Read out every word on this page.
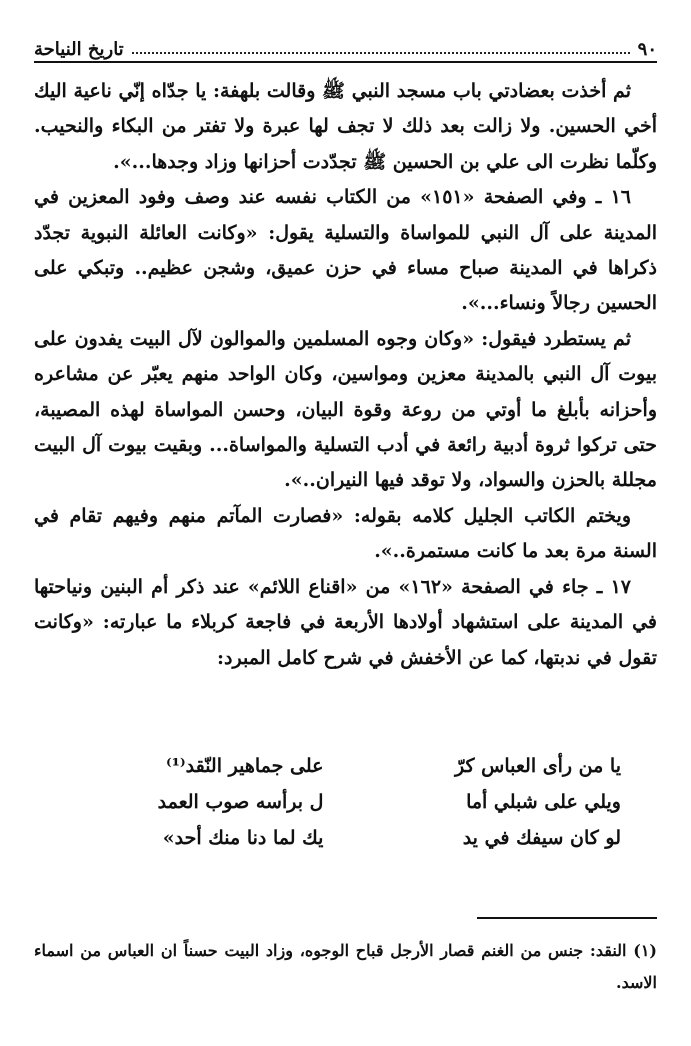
٩٠
تاريخ النياحة

ثم أخذت بعضادتي باب مسجد النبي ﷺ وقالت بلهفة: يا جدّاه إنّي ناعية اليك أخي الحسين. ولا زالت بعد ذلك لا تجف لها عبرة ولا تفتر من البكاء والنحيب. وكلّما نظرت الى علي بن الحسين ﷺ تجدّدت أحزانها وزاد وجدها...».

١٦ ـ وفي الصفحة «١٥١» من الكتاب نفسه عند وصف وفود المعزين في المدينة على آل النبي للمواساة والتسلية يقول: «وكانت العائلة النبوية تجدّد ذكراها في المدينة صباح مساء في حزن عميق، وشجن عظيم.. وتبكي على الحسين رجالاً ونساء...».

ثم يستطرد فيقول: «وكان وجوه المسلمين والموالون لآل البيت يفدون على بيوت آل النبي بالمدينة معزين ومواسين، وكان الواحد منهم يعبّر عن مشاعره وأحزانه بأبلغ ما أوتي من روعة وقوة البيان، وحسن المواساة لهذه المصيبة، حتى تركوا ثروة أدبية رائعة في أدب التسلية والمواساة... وبقيت بيوت آل البيت مجللة بالحزن والسواد، ولا توقد فيها النيران..».

ويختم الكاتب الجليل كلامه بقوله: «فصارت المآتم منهم وفيهم تقام في السنة مرة بعد ما كانت مستمرة..».

١٧ ـ جاء في الصفحة «١٦٢» من «اقناع اللائم» عند ذكر أم البنين ونياحتها في المدينة على استشهاد أولادها الأربعة في فاجعة كربلاء ما عبارته: «وكانت تقول في ندبتها، كما عن الأخفش في شرح كامل المبرد:

يا من رأى العباس كرّ
على جماهير النّقد⁽¹⁾
ويلي على شبلي أما
ل برأسه صوب العمد
لو كان سيفك في يد
يك لما دنا منك أحد»
(١) النقد: جنس من الغنم قصار الأرجل قباح الوجوه، وزاد البيت حسناً ان العباس من اسماء الاسد.
